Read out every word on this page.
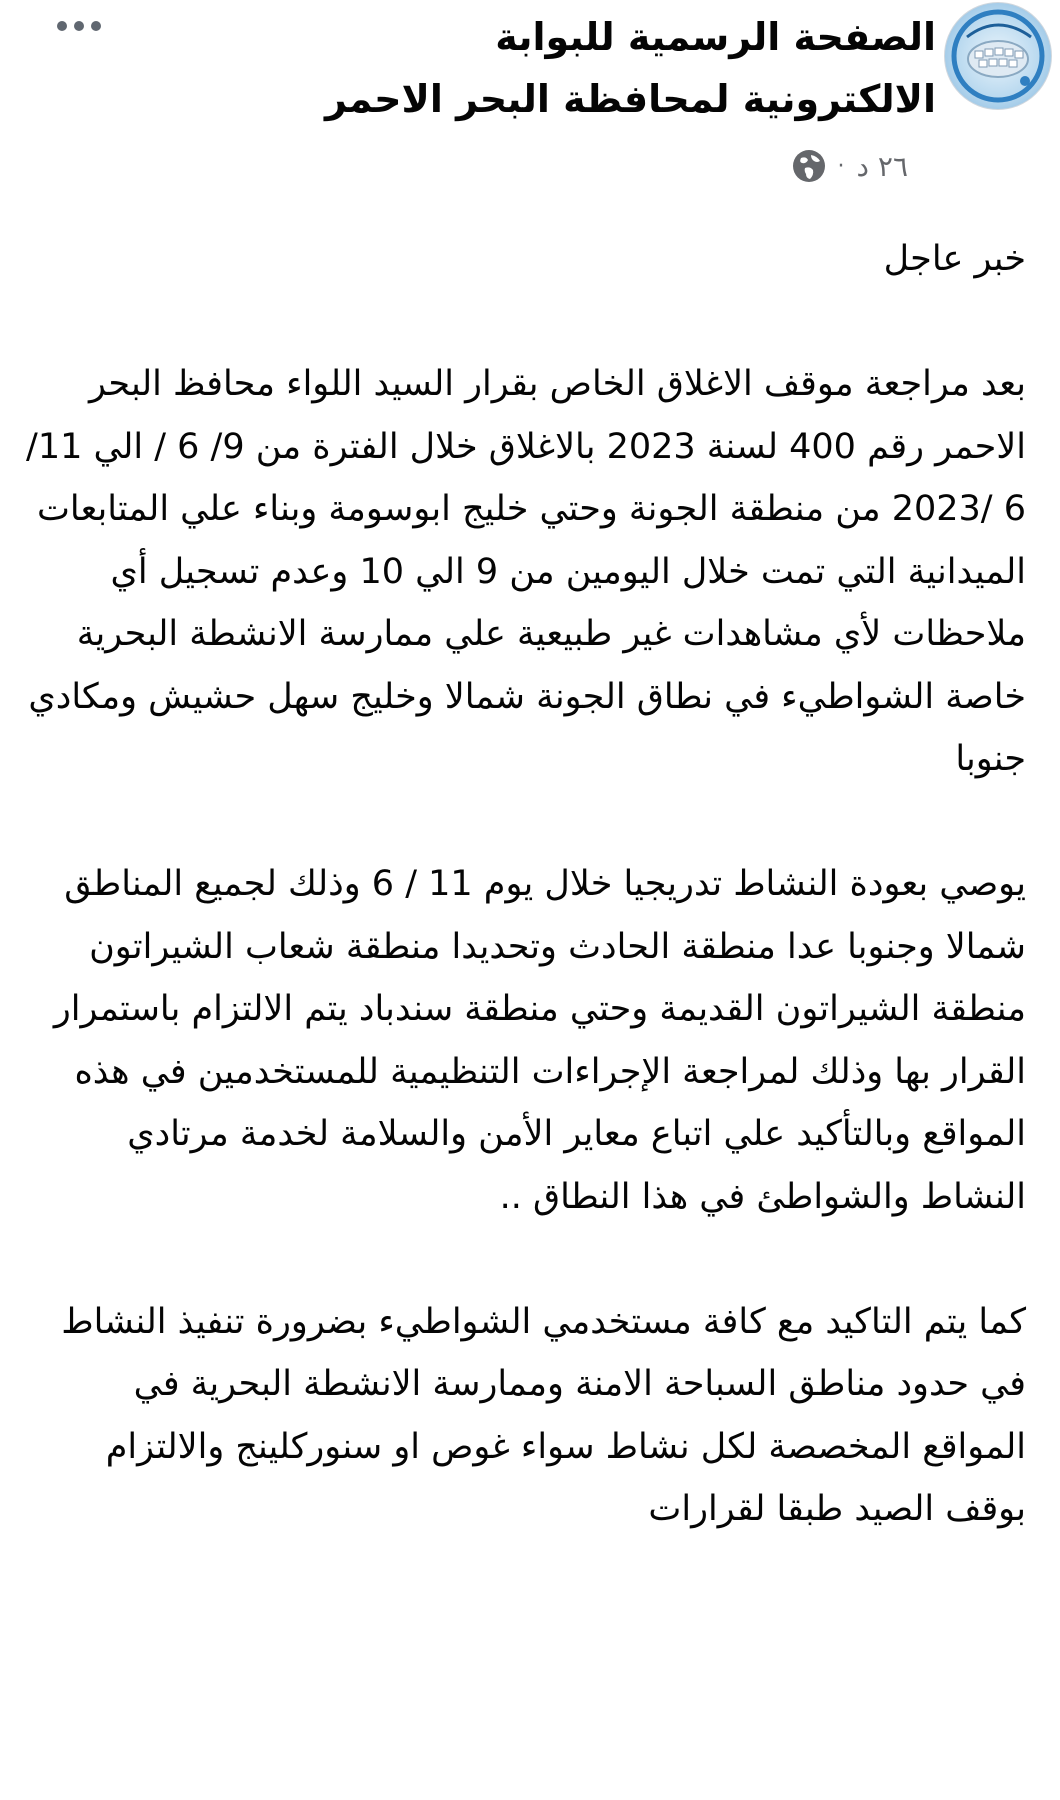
الصفحة الرسمية للبوابة الالكترونية لمحافظة البحر الاحمر
٢٦ د
·

خبر عاجل

بعد مراجعة موقف الاغلاق الخاص بقرار السيد اللواء محافظ البحر الاحمر رقم 400 لسنة 2023 بالاغلاق خلال الفترة من 9/ 6 / الي 11/ 6 /2023 من منطقة الجونة وحتي خليج ابوسومة وبناء علي المتابعات الميدانية التي تمت خلال اليومين من 9 الي 10 وعدم تسجيل أي ملاحظات لأي مشاهدات غير طبيعية علي ممارسة الانشطة البحرية خاصة الشواطيء في نطاق الجونة شمالا وخليج سهل حشيش ومكادي جنوبا

يوصي بعودة النشاط تدريجيا خلال يوم 11 / 6 وذلك لجميع المناطق شمالا وجنوبا عدا منطقة الحادث وتحديدا منطقة شعاب الشيراتون منطقة الشيراتون القديمة وحتي منطقة سندباد يتم الالتزام باستمرار القرار بها وذلك لمراجعة الإجراءات التنظيمية للمستخدمين في هذه المواقع وبالتأكيد علي اتباع معاير الأمن والسلامة لخدمة مرتادي النشاط والشواطئ في هذا النطاق ..

كما يتم التاكيد مع كافة مستخدمي الشواطيء بضرورة تنفيذ النشاط في حدود مناطق السباحة الامنة وممارسة الانشطة البحرية في المواقع المخصصة لكل نشاط سواء غوص او سنوركلينج والالتزام بوقف الصيد طبقا لقرارات
